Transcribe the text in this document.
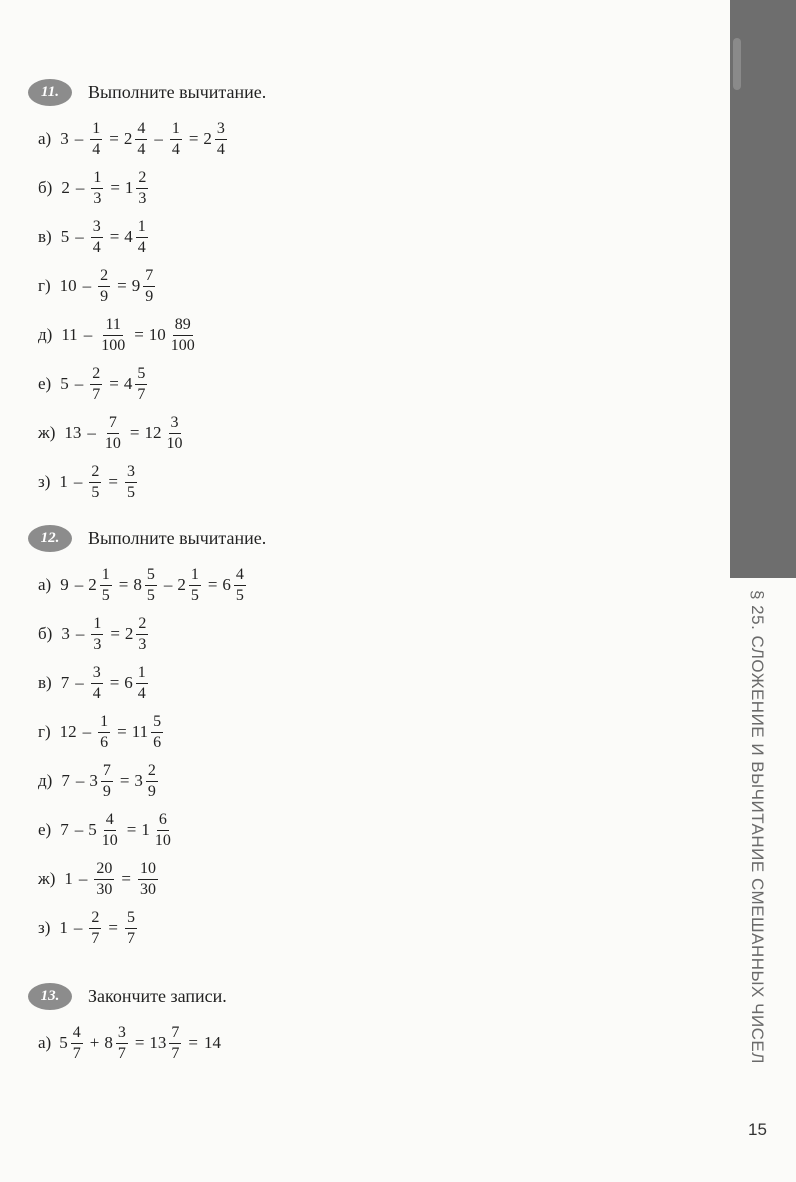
§ 25. СЛОЖЕНИЕ И ВЫЧИТАНИЕ СМЕШАННЫХ ЧИСЕЛ
15
11.	Выполните вычитание.
а) $3 - \frac{1}{4} = 2 \frac{4}{4} - \frac{1}{4} = 2 \frac{3}{4}$
б) $2 - \frac{1}{3} = 1 \frac{2}{3}$
в) $5 - \frac{3}{4} = 4 \frac{1}{4}$
г) $10 - \frac{2}{9} = 9 \frac{7}{9}$
д) $11 - \frac{11}{100} = 10 \frac{89}{100}$
е) $5 - \frac{2}{7} = 4 \frac{5}{7}$
ж) $13 - \frac{7}{10} = 12 \frac{3}{10}$
з) $1 - \frac{2}{5} = \frac{3}{5}$
12.	Выполните вычитание.
а) $9 - 2 \frac{1}{5} = 8 \frac{5}{5} - 2 \frac{1}{5} = 6 \frac{4}{5}$
б) $3 - \frac{1}{3} = 2 \frac{2}{3}$
в) $7 - \frac{3}{4} = 6 \frac{1}{4}$
г) $12 - \frac{1}{6} = 11 \frac{5}{6}$
д) $7 - 3 \frac{7}{9} = 3 \frac{2}{9}$
е) $7 - 5 \frac{4}{10} = 1 \frac{6}{10}$
ж) $1 - \frac{20}{30} = \frac{10}{30}$
з) $1 - \frac{2}{7} = \frac{5}{7}$
13.	Закончите записи.
а) $5 \frac{4}{7} + 8 \frac{3}{7} = 13 \frac{7}{7} = 14$
